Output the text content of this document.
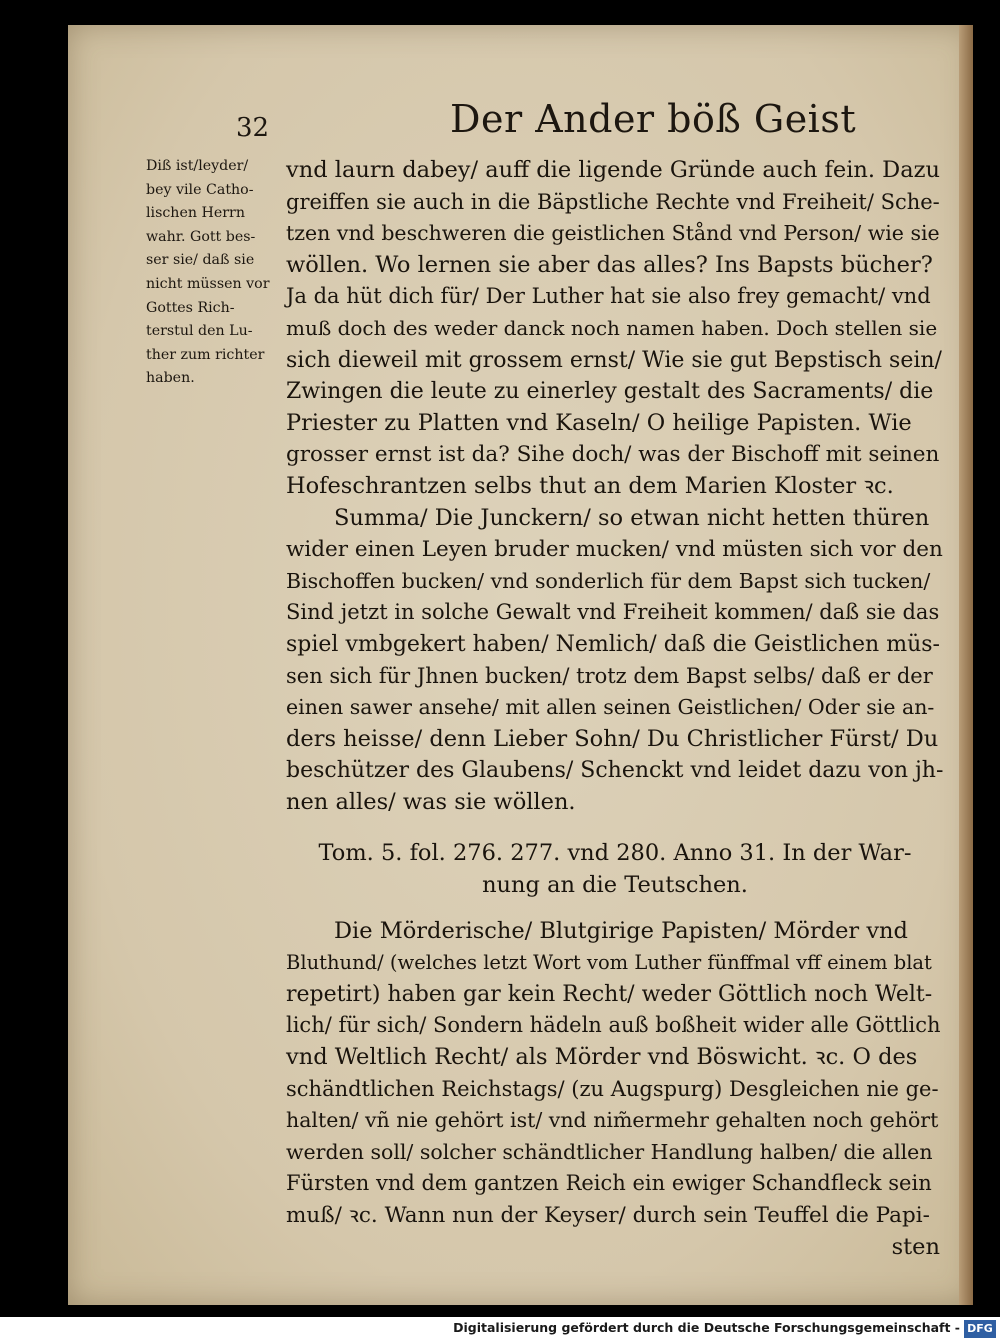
32	Der Ander böß Geist
Diß ist/leyder/
bey vile Catho-
lischen Herrn
wahr. Gott bes-
ser sie/ daß sie
nicht müssen vor
Gottes Rich-
terstul den Lu-
ther zum richter
haben.
vnd laurn dabey/ auff die ligende Gründe auch fein. Dazu
greiffen sie auch in die Bäpstliche Rechte vnd Freiheit/ Sche-
tzen vnd beschweren die geistlichen Stånd vnd Person/ wie sie
wöllen. Wo lernen sie aber das alles? Ins Bapsts bücher?
Ja da hüt dich für/ Der Luther hat sie also frey gemacht/ vnd
muß doch des weder danck noch namen haben. Doch stellen sie
sich dieweil mit grossem ernst/ Wie sie gut Bepstisch sein/
Zwingen die leute zu einerley gestalt des Sacraments/ die
Priester zu Platten vnd Kaseln/ O heilige Papisten. Wie
grosser ernst ist da? Sihe doch/ was der Bischoff mit seinen
Hofeschrantzen selbs thut an dem Marien Kloster ꝛc.
Summa/ Die Junckern/ so etwan nicht hetten thüren
wider einen Leyen bruder mucken/ vnd müsten sich vor den
Bischoffen bucken/ vnd sonderlich für dem Bapst sich tucken/
Sind jetzt in solche Gewalt vnd Freiheit kommen/ daß sie das
spiel vmbgekert haben/ Nemlich/ daß die Geistlichen müs-
sen sich für Jhnen bucken/ trotz dem Bapst selbs/ daß er der
einen sawer ansehe/ mit allen seinen Geistlichen/ Oder sie an-
ders heisse/ denn Lieber Sohn/ Du Christlicher Fürst/ Du
beschützer des Glaubens/ Schenckt vnd leidet dazu von jh-
nen alles/ was sie wöllen.
Tom. 5. fol. 276. 277. vnd 280. Anno 31. In der War-
nung an die Teutschen.
Die Mörderische/ Blutgirige Papisten/ Mörder vnd
Bluthund/ (welches letzt Wort vom Luther fünffmal vff einem blat
repetirt) haben gar kein Recht/ weder Göttlich noch Welt-
lich/ für sich/ Sondern hädeln auß boßheit wider alle Göttlich
vnd Weltlich Recht/ als Mörder vnd Böswicht. ꝛc. O des
schändtlichen Reichstags/ (zu Augspurg) Desgleichen nie ge-
halten/ vñ nie gehört ist/ vnd nim̃ermehr gehalten noch gehört
werden soll/ solcher schändtlicher Handlung halben/ die allen
Fürsten vnd dem gantzen Reich ein ewiger Schandfleck sein
muß/ ꝛc. Wann nun der Keyser/ durch sein Teuffel die Papi-
sten
Digitalisierung gefördert durch die Deutsche Forschungsgemeinschaft - DFG
